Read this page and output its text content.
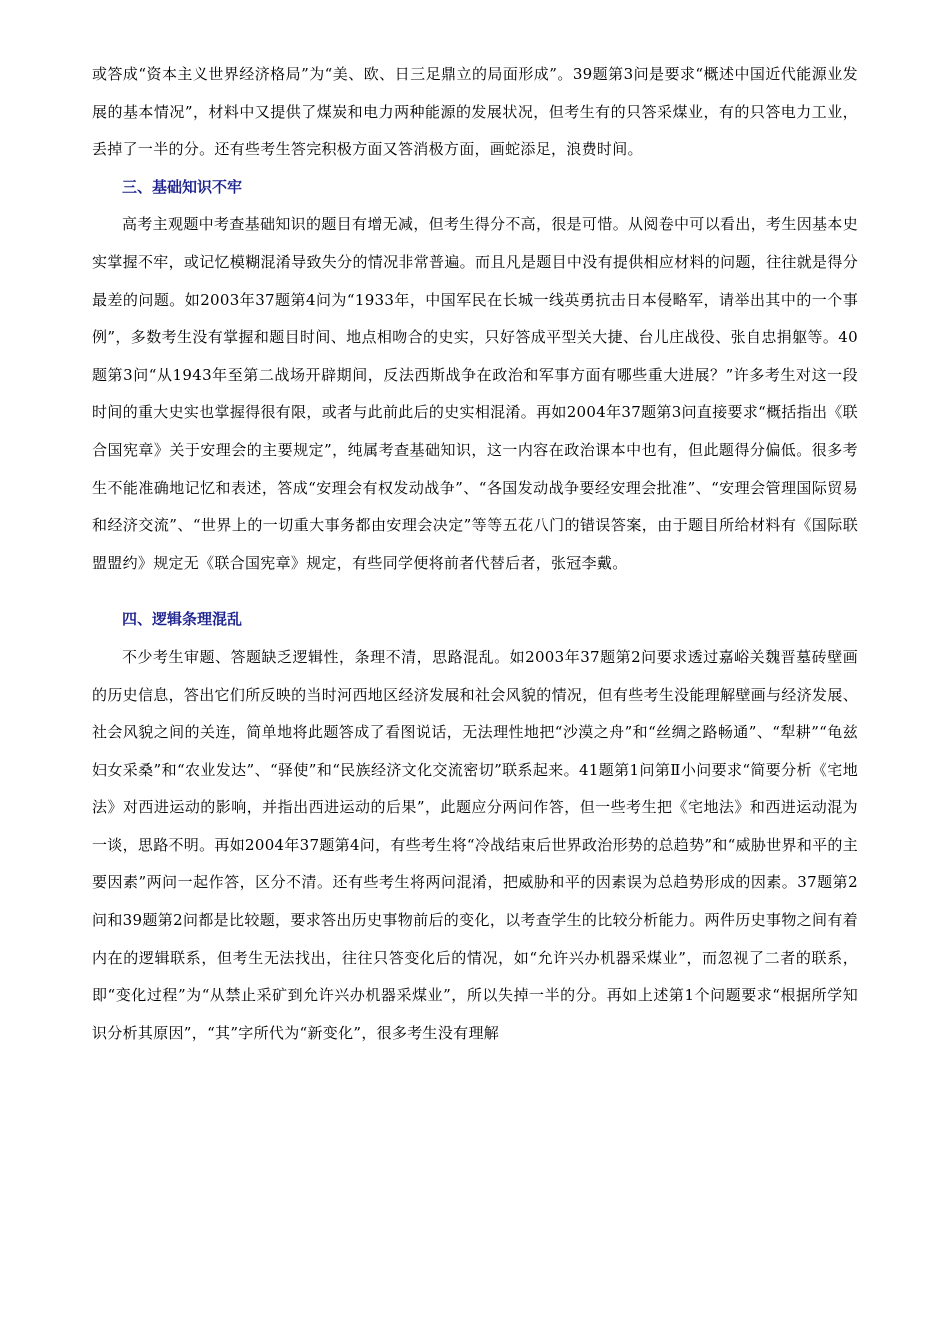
或答成“资本主义世界经济格局”为“美、欧、日三足鼎立的局面形成”。39题第3问是要求“概述中国近代能源业发展的基本情况”，材料中又提供了煤炭和电力两种能源的发展状况，但考生有的只答采煤业，有的只答电力工业，丢掉了一半的分。还有些考生答完积极方面又答消极方面，画蛇添足，浪费时间。

三、基础知识不牢

高考主观题中考查基础知识的题目有增无减，但考生得分不高，很是可惜。从阅卷中可以看出，考生因基本史实掌握不牢，或记忆模糊混淆导致失分的情况非常普遍。而且凡是题目中没有提供相应材料的问题，往往就是得分最差的问题。如2003年37题第4问为“1933年，中国军民在长城一线英勇抗击日本侵略军，请举出其中的一个事例”，多数考生没有掌握和题目时间、地点相吻合的史实，只好答成平型关大捷、台儿庄战役、张自忠捐躯等。40题第3问“从1943年至第二战场开辟期间，反法西斯战争在政治和军事方面有哪些重大进展？”许多考生对这一段时间的重大史实也掌握得很有限，或者与此前此后的史实相混淆。再如2004年37题第3问直接要求“概括指出《联合国宪章》关于安理会的主要规定”，纯属考查基础知识，这一内容在政治课本中也有，但此题得分偏低。很多考生不能准确地记忆和表述，答成“安理会有权发动战争”、“各国发动战争要经安理会批准”、“安理会管理国际贸易和经济交流”、“世界上的一切重大事务都由安理会决定”等等五花八门的错误答案，由于题目所给材料有《国际联盟盟约》规定无《联合国宪章》规定，有些同学便将前者代替后者，张冠李戴。

四、逻辑条理混乱

不少考生审题、答题缺乏逻辑性，条理不清，思路混乱。如2003年37题第2问要求透过嘉峪关魏晋墓砖壁画的历史信息，答出它们所反映的当时河西地区经济发展和社会风貌的情况，但有些考生没能理解壁画与经济发展、社会风貌之间的关连，简单地将此题答成了看图说话，无法理性地把“沙漠之舟”和“丝绸之路畅通”、“犁耕”“龟兹妇女采桑”和“农业发达”、“驿使”和“民族经济文化交流密切”联系起来。41题第1问第Ⅱ小问要求“简要分析《宅地法》对西进运动的影响，并指出西进运动的后果”，此题应分两问作答，但一些考生把《宅地法》和西进运动混为一谈，思路不明。再如2004年37题第4问，有些考生将“冷战结束后世界政治形势的总趋势”和“威胁世界和平的主要因素”两问一起作答，区分不清。还有些考生将两问混淆，把威胁和平的因素误为总趋势形成的因素。37题第2问和39题第2问都是比较题，要求答出历史事物前后的变化，以考查学生的比较分析能力。两件历史事物之间有着内在的逻辑联系，但考生无法找出，往往只答变化后的情况，如“允许兴办机器采煤业”，而忽视了二者的联系，即“变化过程”为“从禁止采矿到允许兴办机器采煤业”，所以失掉一半的分。再如上述第1个问题要求“根据所学知识分析其原因”，“其”字所代为“新变化”，很多考生没有理解
